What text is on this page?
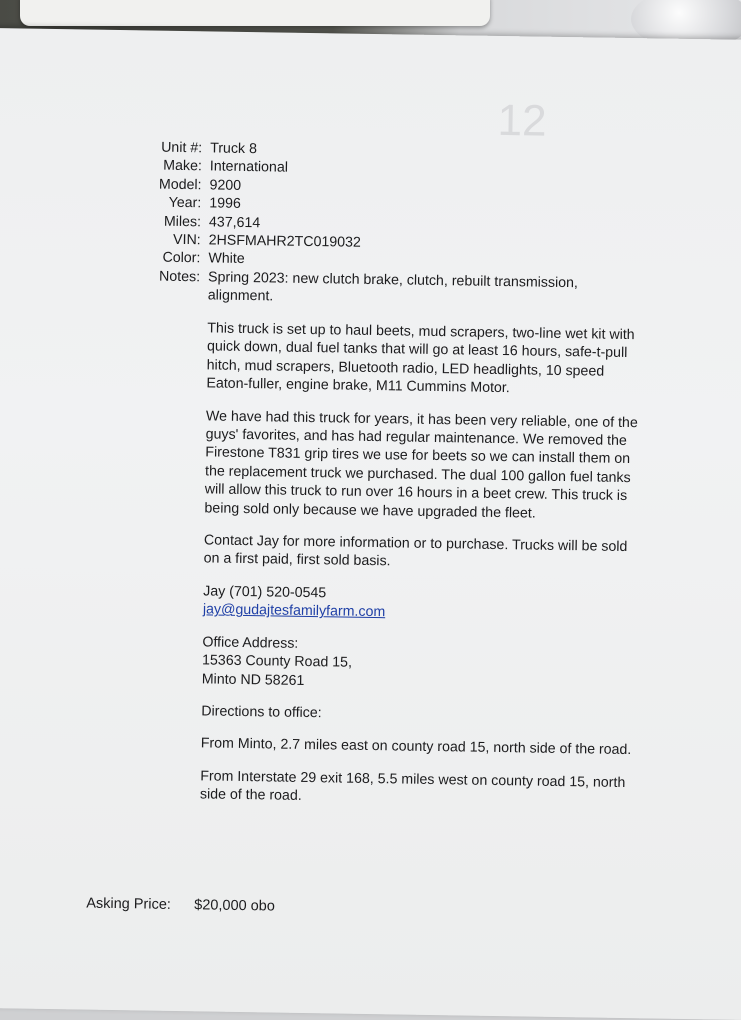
12
Unit #: Truck 8
Make: International
Model: 9200
Year: 1996
Miles: 437,614
VIN: 2HSFMAHR2TC019032
Color: White
Notes: Spring 2023: new clutch brake, clutch, rebuilt transmission, alignment.

This truck is set up to haul beets, mud scrapers, two-line wet kit with quick down, dual fuel tanks that will go at least 16 hours, safe-t-pull hitch, mud scrapers, Bluetooth radio, LED headlights, 10 speed Eaton-fuller, engine brake, M11 Cummins Motor.

We have had this truck for years, it has been very reliable, one of the guys' favorites, and has had regular maintenance. We removed the Firestone T831 grip tires we use for beets so we can install them on the replacement truck we purchased. The dual 100 gallon fuel tanks will allow this truck to run over 16 hours in a beet crew. This truck is being sold only because we have upgraded the fleet.

Contact Jay for more information or to purchase. Trucks will be sold on a first paid, first sold basis.

Jay (701) 520-0545
jay@gudajtesfamilyfarm.com

Office Address:
15363 County Road 15,
Minto ND 58261

Directions to office:

From Minto, 2.7 miles east on county road 15, north side of the road.

From Interstate 29 exit 168, 5.5 miles west on county road 15, north side of the road.

Asking Price:	$20,000 obo
